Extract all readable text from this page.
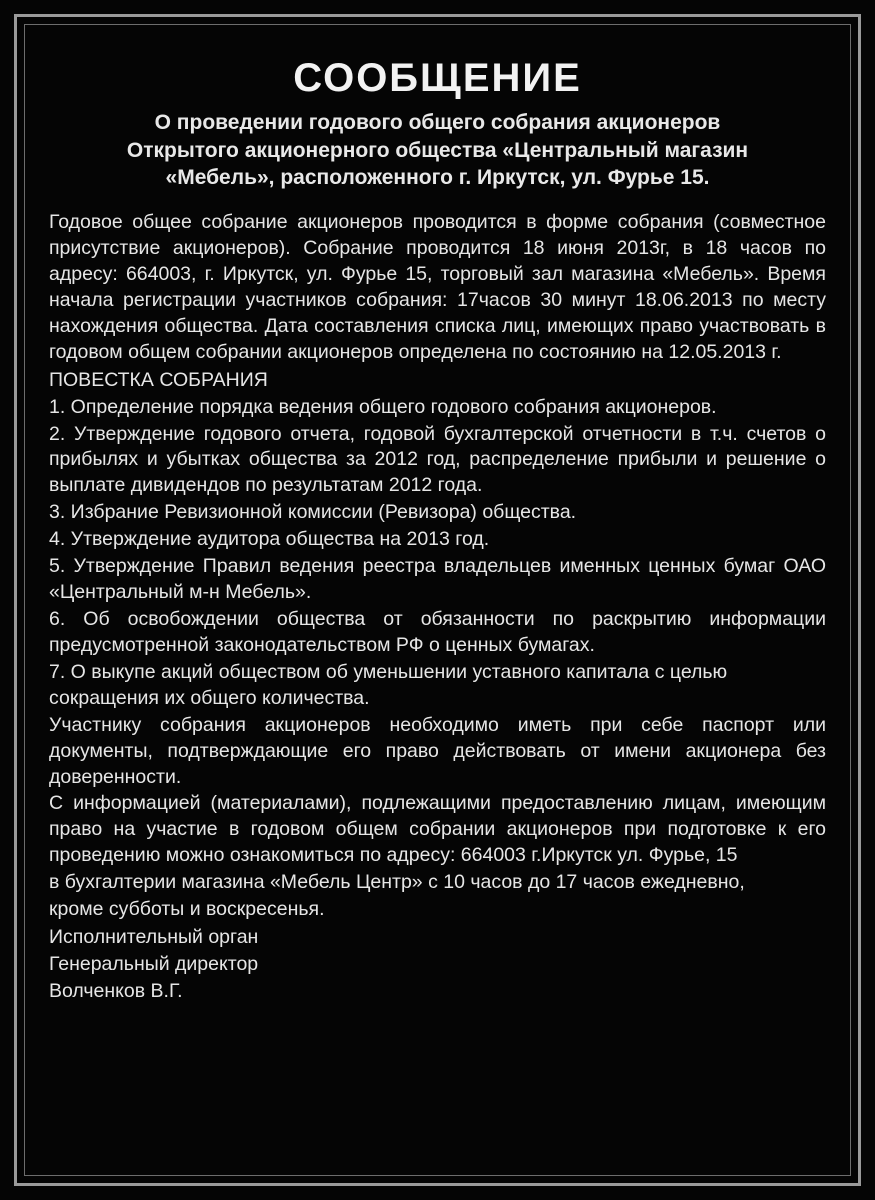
СООБЩЕНИЕ
О проведении годового общего собрания акционеров
Открытого акционерного общества «Центральный магазин
«Мебель», расположенного г. Иркутск, ул. Фурье 15.

Годовое общее собрание акционеров проводится в форме собрания (совместное присутствие акционеров). Собрание проводится 18 июня 2013г, в 18 часов по адресу: 664003, г. Иркутск, ул. Фурье 15, торговый зал магазина «Мебель». Время начала регистрации участников собрания: 17часов 30 минут 18.06.2013 по месту нахождения общества. Дата составления списка лиц, имеющих право участвовать в годовом общем собрании акционеров определена по состоянию на 12.05.2013 г.

ПОВЕСТКА СОБРАНИЯ

1. Определение порядка ведения общего годового собрания акционеров.

2. Утверждение годового отчета, годовой бухгалтерской отчетности в т.ч. счетов о прибылях и убытках общества за 2012 год, распределение прибыли и решение о выплате дивидендов по результатам 2012 года.

3. Избрание Ревизионной комиссии (Ревизора) общества.

4. Утверждение аудитора общества на 2013 год.

5. Утверждение Правил ведения реестра владельцев именных ценных бумаг ОАО «Центральный м-н Мебель».

6. Об освобождении общества от обязанности по раскрытию информации предусмотренной законодательством РФ о ценных бумагах.

7. О выкупе акций обществом об уменьшении уставного капитала с целью сокращения их общего количества.

Участнику собрания акционеров необходимо иметь при себе паспорт или документы, подтверждающие его право действовать от имени акционера без доверенности.

С информацией (материалами), подлежащими предоставлению лицам, имеющим право на участие в годовом общем собрании акционеров при подготовке к его проведению можно ознакомиться по адресу: 664003 г.Иркутск ул. Фурье, 15

в бухгалтерии магазина «Мебель Центр» с 10 часов до 17 часов ежедневно,

кроме субботы и воскресенья.

Исполнительный орган
Генеральный директор
Волченков В.Г.
